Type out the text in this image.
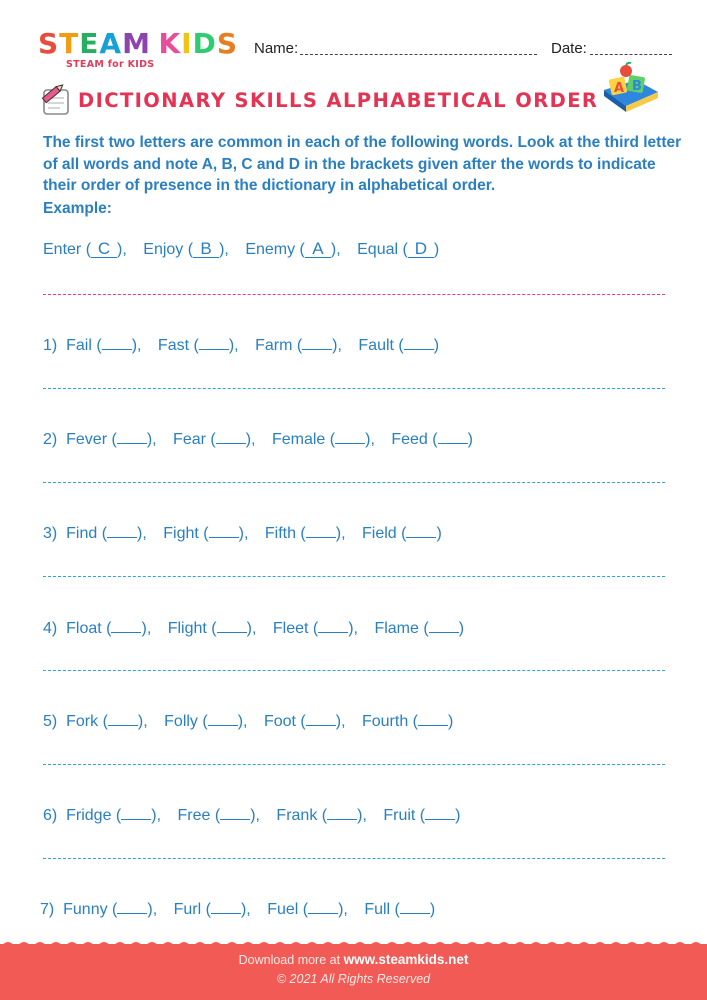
S T E A M K I D S
STEAM for KIDS
Name:	Date:
DICTIONARY SKILLS ALPHABETICAL ORDER
A B
The first two letters are common in each of the following words. Look at the third letter of all words and note A, B, C and D in the brackets given after the words to indicate their order of presence in the dictionary in alphabetical order.
Example:
Enter ( C ), Enjoy ( B ), Enemy ( A ), Equal ( D )
1) Fail ( ), Fast ( ), Farm ( ), Fault ( )
2) Fever ( ), Fear ( ), Female ( ), Feed ( )
3) Find ( ), Fight ( ), Fifth ( ), Field ( )
4) Float ( ), Flight ( ), Fleet ( ), Flame ( )
5) Fork ( ), Folly ( ), Foot ( ), Fourth ( )
6) Fridge ( ), Free ( ), Frank ( ), Fruit ( )
7) Funny ( ), Furl ( ), Fuel ( ), Full ( )
Download more at www.steamkids.net
© 2021 All Rights Reserved
